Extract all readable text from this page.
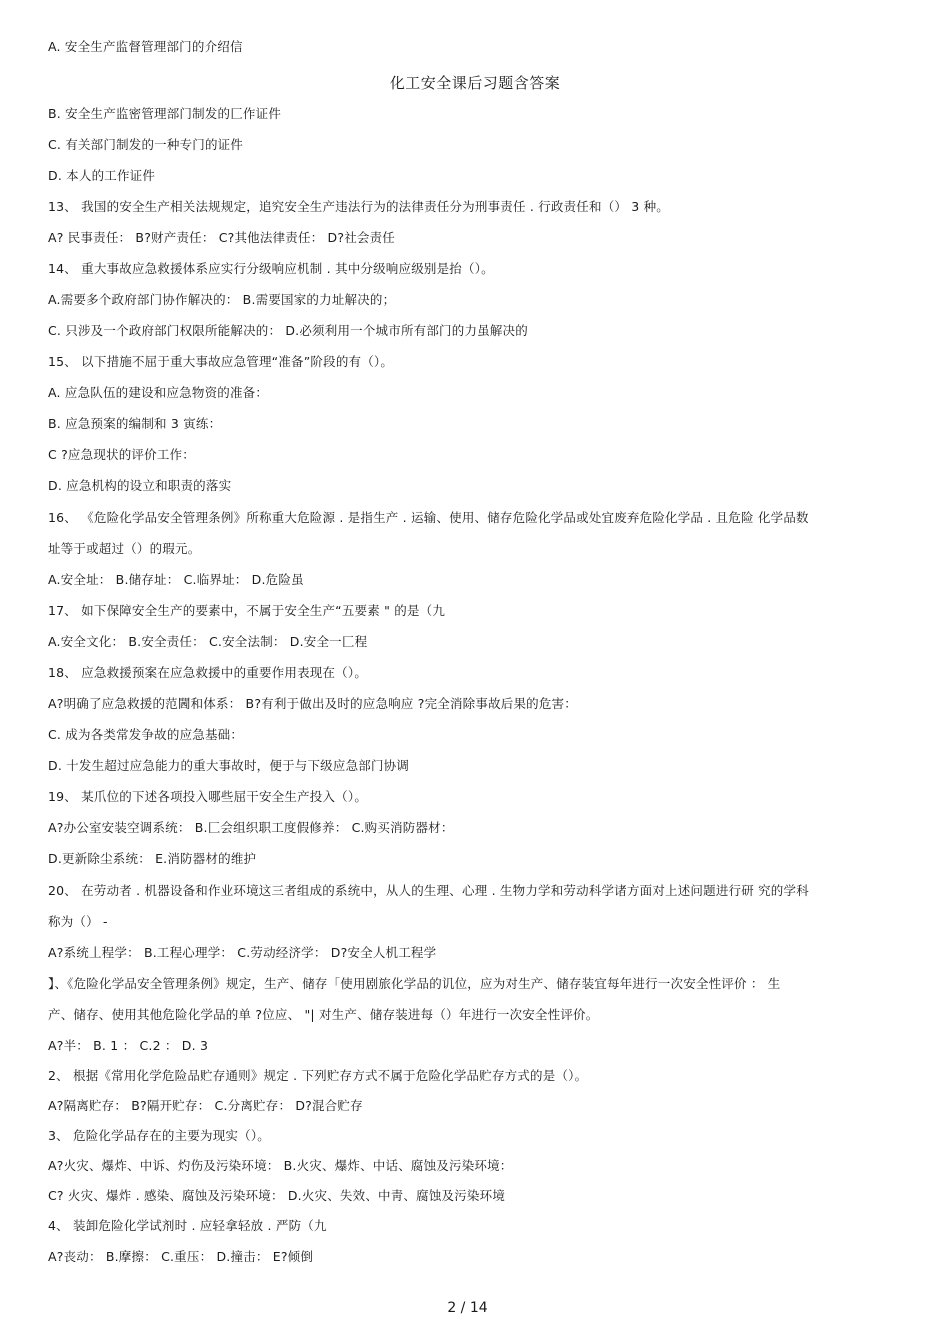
A. 安全生产监督管理部门的介绍信
化工安全课后习题含答案
B. 安全生产监密管理部门制发的匚作证件
C. 有关部门制发的一种专门的证件
D. 本人的工作证件
13、 我国的安全生产相关法规规定，追究安全生产违法行为的法律责任分为刑事责任 . 行政责任和（） 3 种。
A? 民事责任： B?财产责任： C?其他法律责任： D?社会责任
14、 重大事故应急救援体系应实行分级响应机制 . 其中分级响应级别是抬（）。
A.需要多个政府部门协作解决的： B.需要国家的力址解决的；
C. 只涉及一个政府部门权限所能解决的： D.必须利用一个城市所有部门的力虽解决的
15、 以下措施不屈于重大事故应急管理“准备”阶段的有（）。
A. 应急队伍的建设和应急物资的准备：
B. 应急预案的编制和 3 寅练：
C ?应急现状的评价工作：
D. 应急机构的设立和职责的落实
16、 《危险化学品安全管理条例》所称重大危险源 . 是指生产 . 运输、使用、储存危险化学品或处宜废弃危险化学品 . 且危险 化学品数
址等于或超过（）的瑕元。
A.安全址： B.储存址： C.临界址： D.危险虽
17、 如下保障安全生产的要素中，不属于安全生产“五要素 " 的是（九
A.安全文化： B.安全责任： C.安全法制： D.安全一匚程
18、 应急救援预案在应急救援中的重要作用表现在（）。
A?明确了应急救援的范閪和体系： B?有利于做出及时的应急响应 ?完全消除事故后果的危害：
C. 成为各类常发争故的应急基础：
D. 十发生超过应急能力的重大事故时，便于与下级应急部门协调
19、 某爪位的下述各项投入哪些屈干安全生产投入（）。
A?办公室安装空调系统： B.匚会组织职工度假修养： C.购买消防器材：
D.更新除尘系统： E.消防器材的维护
20、 在劳动者 . 机器设备和作业环境这三者组成的系统中，从人的生理、心理 . 生物力学和劳动科学诸方面对上述问题进行研 究的学科
称为（） -
A?系统丄程学： B.工程心理学： C.劳动经济学： D?安全人机工程学
】、《危险化学品安全管理条例》规定，生产、储存「使用剧旅化学品的讥位，应为对生产、储存装宜每年进行一次安全性评价 ： 生
产、储存、使用其他危险化学品的单 ?位应、 "| 对生产、储存装进每（）年进行一次安全性评价。
A?半： B. 1 ： C.2 ： D. 3
2、 根据《常用化学危险品贮存通则》规定 . 下列贮存方式不属于危险化学品贮存方式的是（）。
A?隔离贮存： B?隔开贮存： C.分离贮存： D?混合贮存
3、 危险化学品存在的主要为现实（）。
A?火灾、爆炸、中诉、灼伤及污染环境： B.火灾、爆炸、中话、腐蚀及污染环境：
C? 火灾、爆炸 . 感染、腐蚀及污染环境： D.火灾、失效、中靑、腐蚀及污染环境
4、 装卸危险化学试剂时 . 应轻拿轻放 . 严防（九
A?丧动： B.摩擦： C.重压： D.撞击： E?倾倒
2 / 14
